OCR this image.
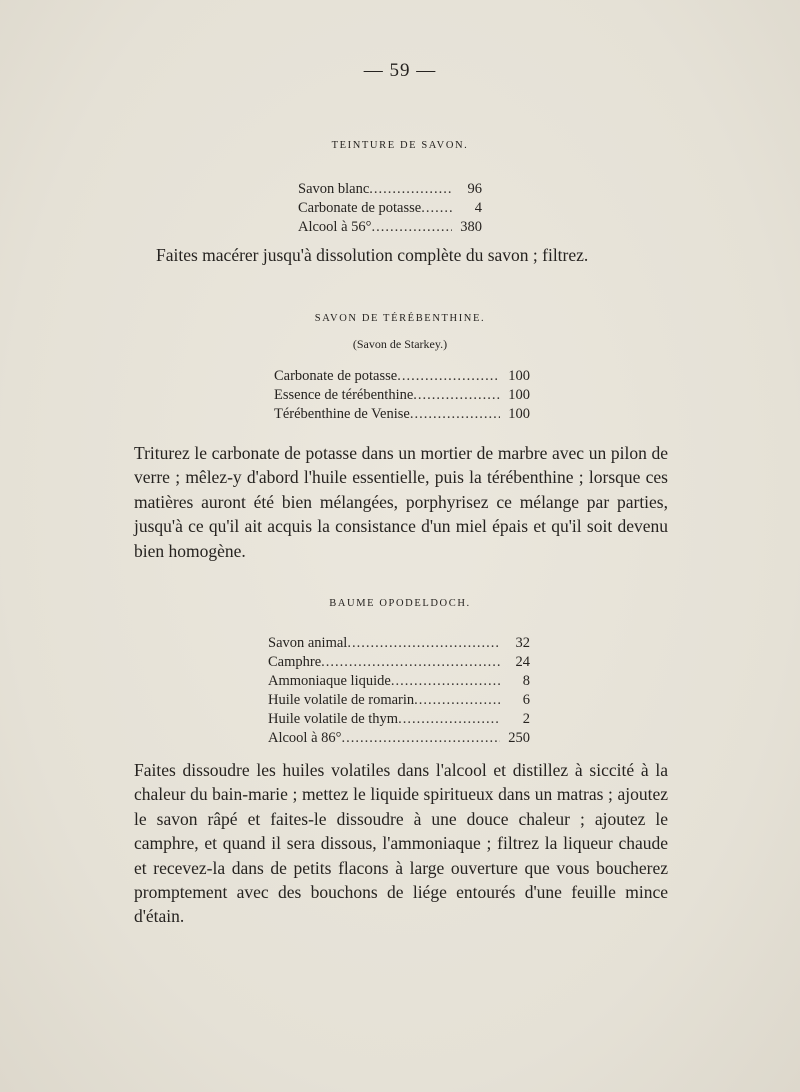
— 59 —
TEINTURE DE SAVON.
Savon blanc .....	96
Carbonate de potasse .....	4
Alcool à 56° .....	380
Faites macérer jusqu'à dissolution complète du savon ; filtrez.
SAVON DE TÉRÉBENTHINE.
(Savon de Starkey.)
Carbonate de potasse .....	100
Essence de térébenthine .....	100
Térébenthine de Venise .....	100
Triturez le carbonate de potasse dans un mortier de marbre avec un pilon de verre ; mêlez-y d'abord l'huile essentielle, puis la térébenthine ; lorsque ces matières auront été bien mélangées, porphyrisez ce mélange par parties, jusqu'à ce qu'il ait acquis la consistance d'un miel épais et qu'il soit devenu bien homogène.
BAUME OPODELDOCH.
Savon animal .....	32
Camphre .....	24
Ammoniaque liquide .....	8
Huile volatile de romarin .....	6
Huile volatile de thym .....	2
Alcool à 86° .....	250
Faites dissoudre les huiles volatiles dans l'alcool et distillez à siccité à la chaleur du bain-marie ; mettez le liquide spiritueux dans un matras ; ajoutez le savon râpé et faites-le dissoudre à une douce chaleur ; ajoutez le camphre, et quand il sera dissous, l'ammoniaque ; filtrez la liqueur chaude et recevez-la dans de petits flacons à large ouverture que vous boucherez promptement avec des bouchons de liége entourés d'une feuille mince d'étain.
